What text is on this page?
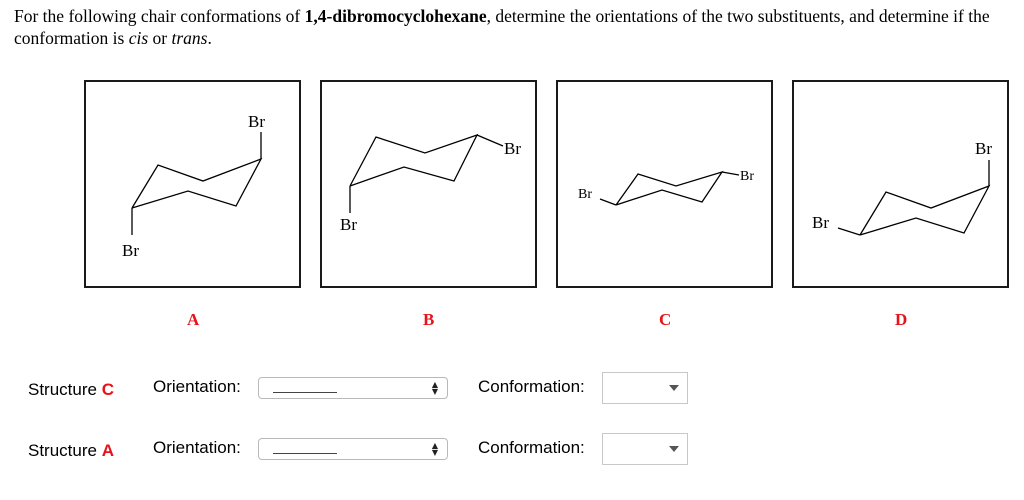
For the following chair conformations of 1,4-dibromocyclohexane, determine the orientations of the two substituents, and determine if the conformation is cis or trans.

Br
Br
Br
Br
Br
Br
Br
Br
A	B	C	D
Structure C Orientation:	▲
▼ Conformation:
Structure A Orientation:	▲
▼ Conformation:
